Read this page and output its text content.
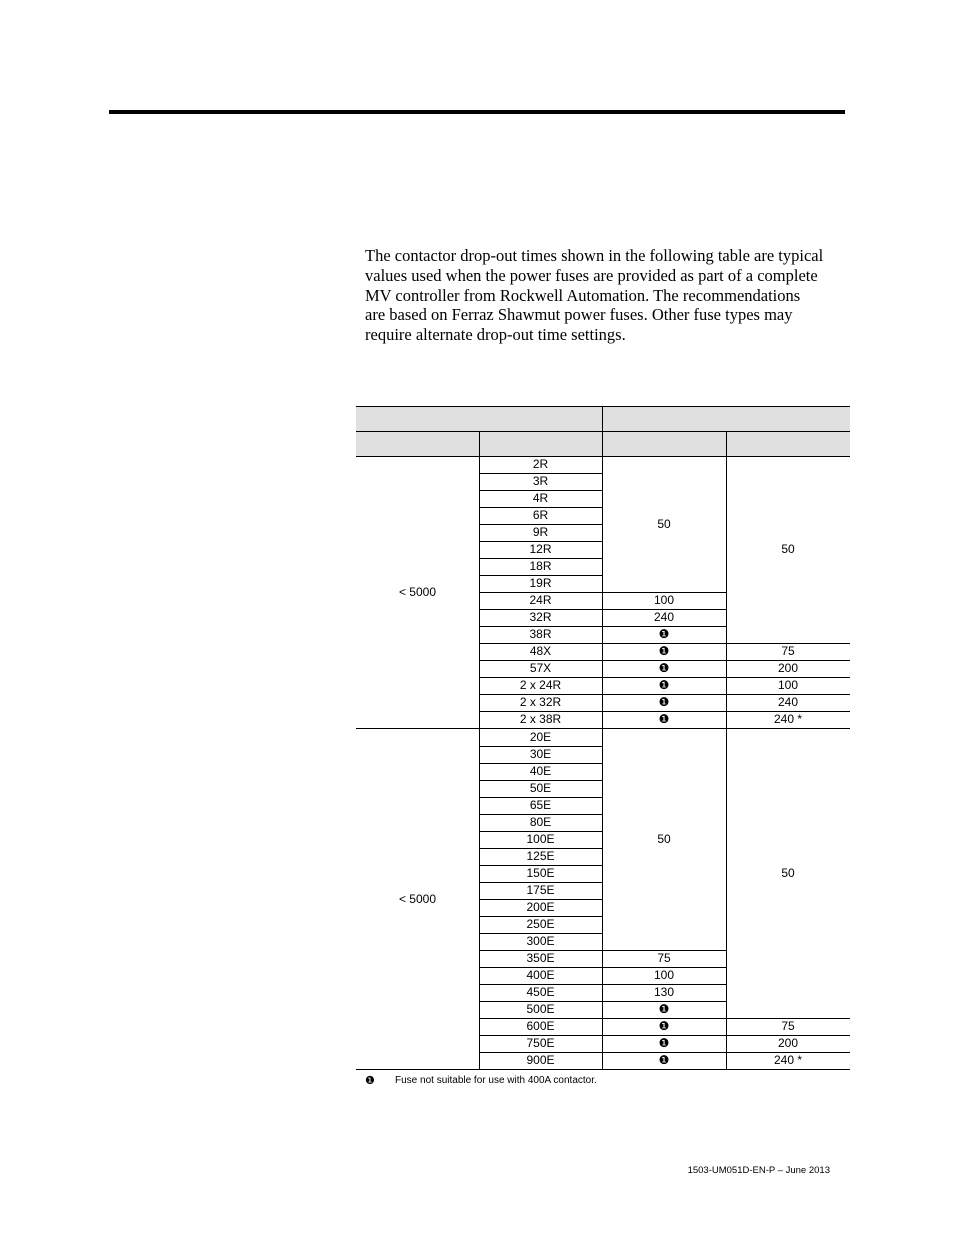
The contactor drop-out times shown in the following table are typical
values used when the power fuses are provided as part of a complete
MV controller from Rockwell Automation. The recommendations
are based on Ferraz Shawmut power fuses. Other fuse types may
require alternate drop-out time settings.
< 5000
2R
3R
4R
6R
9R
12R
18R
19R
24R
32R
38R
48X
57X
2 x 24R
2 x 32R
2 x 38R
50
100
240
❶
❶
❶
❶
❶
❶
50
75
200
100
240
240 *
< 5000
20E
30E
40E
50E
65E
80E
100E
125E
150E
175E
200E
250E
300E
350E
400E
450E
500E
600E
750E
900E
50
75
100
130
❶
❶
❶
❶
50
75
200
240 *
❶ Fuse not suitable for use with 400A contactor.
1503-UM051D-EN-P – June 2013
